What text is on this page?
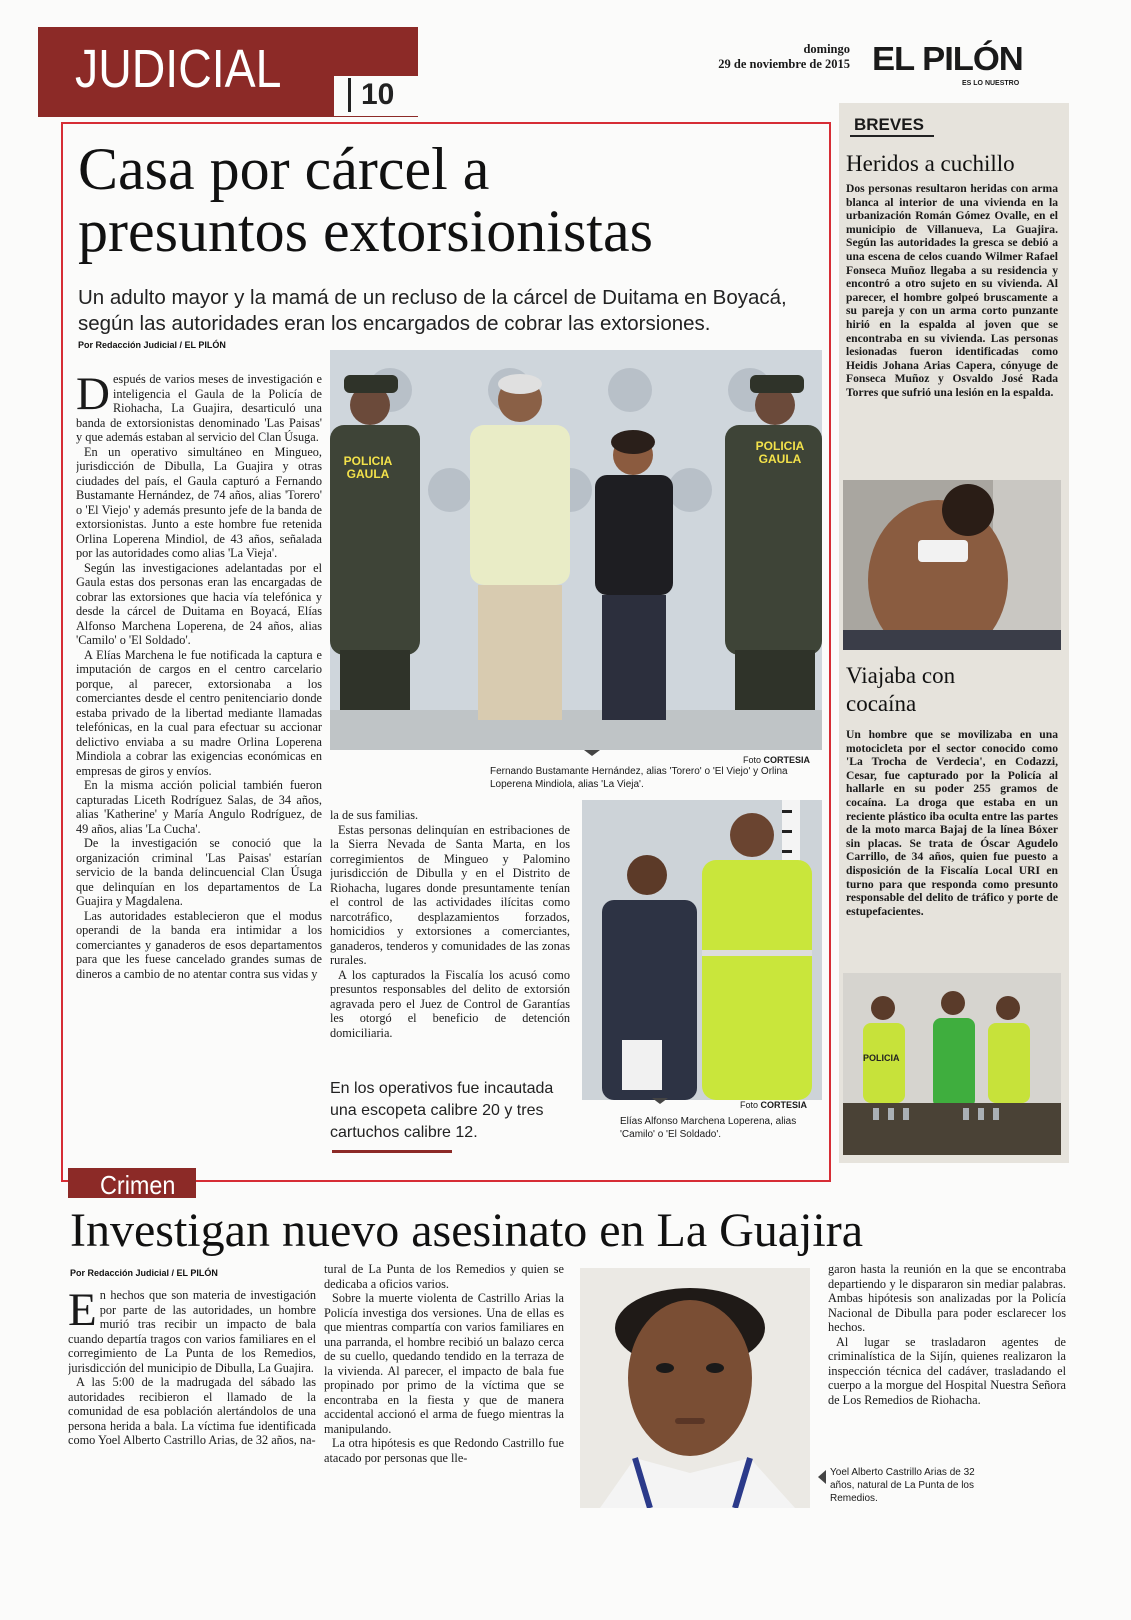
JUDICIAL	10
domingo
29 de noviembre de 2015 EL PILÓN
ES LO NUESTRO
Casa por cárcel a
presuntos extorsionistas
Un adulto mayor y la mamá de un recluso de la cárcel de Duitama en Boyacá, según las autoridades eran los encargados de cobrar las extorsiones.
Por Redacción Judicial / EL PILÓN
D espués de varios meses de investigación e inteligencia el Gaula de la Policía de Riohacha, La Guajira, desarticuló una banda de extorsionistas denominado 'Las Paisas' y que además estaban al servicio del Clan Úsuga.

En un operativo simultáneo en Mingueo, jurisdicción de Dibulla, La Guajira y otras ciudades del país, el Gaula capturó a Fernando Bustamante Hernández, de 74 años, alias 'Torero' o 'El Viejo' y además presunto jefe de la banda de extorsionistas. Junto a este hombre fue retenida Orlina Loperena Mindiol, de 43 años, señalada por las autoridades como alias 'La Vieja'.

Según las investigaciones adelantadas por el Gaula estas dos personas eran las encargadas de cobrar las extorsiones que hacia vía telefónica y desde la cárcel de Duitama en Boyacá, Elías Alfonso Marchena Loperena, de 24 años, alias 'Camilo' o 'El Soldado'.

A Elías Marchena le fue notificada la captura e imputación de cargos en el centro carcelario porque, al parecer, extorsionaba a los comerciantes desde el centro penitenciario donde estaba privado de la libertad mediante llamadas telefónicas, en la cual para efectuar su accionar delictivo enviaba a su madre Orlina Loperena Mindiola a cobrar las exigencias económicas en empresas de giros y envíos.

En la misma acción policial también fueron capturadas Liceth Rodríguez Salas, de 34 años, alias 'Katherine' y María Angulo Rodríguez, de 49 años, alias 'La Cucha'.

De la investigación se conoció que la organización criminal 'Las Paisas' estarían servicio de la banda delincuencial Clan Úsuga que delinquían en los departamentos de La Guajira y Magdalena.

Las autoridades establecieron que el modus operandi de la banda era intimidar a los comerciantes y ganaderos de esos departamentos para que les fuese cancelado grandes sumas de dineros a cambio de no atentar contra sus vidas y

POLICIA GAULA
POLICIA GAULA
Foto CORTESIA
Fernando Bustamante Hernández, alias 'Torero' o 'El Viejo' y Orlina Loperena Mindiola, alias 'La Vieja'.

la de sus familias.

Estas personas delinquían en estribaciones de la Sierra Nevada de Santa Marta, en los corregimientos de Mingueo y Palomino jurisdicción de Dibulla y en el Distrito de Riohacha, lugares donde presuntamente tenían el control de las actividades ilícitas como narcotráfico, desplazamientos forzados, homicidios y extorsiones a comerciantes, ganaderos, tenderos y comunidades de las zonas rurales.

A los capturados la Fiscalía los acusó como presuntos responsables del delito de extorsión agravada pero el Juez de Control de Garantías les otorgó el beneficio de detención domiciliaria.

En los operativos fue incautada una escopeta calibre 20 y tres cartuchos calibre 12.
Foto CORTESIA
Elías Alfonso Marchena Loperena, alias 'Camilo' o 'El Soldado'.
BREVES
Heridos a cuchillo
Dos personas resultaron heridas con arma blanca al interior de una vivienda en la urbanización Román Gómez Ovalle, en el municipio de Villanueva, La Guajira. Según las autoridades la gresca se debió a una escena de celos cuando Wilmer Rafael Fonseca Muñoz llegaba a su residencia y encontró a otro sujeto en su vivienda. Al parecer, el hombre golpeó bruscamente a su pareja y con un arma corto punzante hirió en la espalda al joven que se encontraba en su vivienda. Las personas lesionadas fueron identificadas como Heidis Johana Arias Capera, cónyuge de Fonseca Muñoz y Osvaldo José Rada Torres que sufrió una lesión en la espalda.
Viajaba con
cocaína
Un hombre que se movilizaba en una motocicleta por el sector conocido como 'La Trocha de Verdecia', en Codazzi, Cesar, fue capturado por la Policía al hallarle en su poder 255 gramos de cocaína. La droga que estaba en un reciente plástico iba oculta entre las partes de la moto marca Bajaj de la línea Bóxer sin placas. Se trata de Óscar Agudelo Carrillo, de 34 años, quien fue puesto a disposición de la Fiscalía Local URI en turno para que responda como presunto responsable del delito de tráfico y porte de estupefacientes.
POLICIA
Crimen
Investigan nuevo asesinato en La Guajira
Por Redacción Judicial / EL PILÓN
E n hechos que son materia de investigación por parte de las autoridades, un hombre murió tras recibir un impacto de bala cuando departía tragos con varios familiares en el corregimiento de La Punta de los Remedios, jurisdicción del municipio de Dibulla, La Guajira.

A las 5:00 de la madrugada del sábado las autoridades recibieron el llamado de la comunidad de esa población alertándolos de una persona herida a bala. La víctima fue identificada como Yoel Alberto Castrillo Arias, de 32 años, na-

tural de La Punta de los Remedios y quien se dedicaba a oficios varios.

Sobre la muerte violenta de Castrillo Arias la Policía investiga dos versiones. Una de ellas es que mientras compartía con varios familiares en una parranda, el hombre recibió un balazo cerca de su cuello, quedando tendido en la terraza de la vivienda. Al parecer, el impacto de bala fue propinado por primo de la víctima que se encontraba en la fiesta y que de manera accidental accionó el arma de fuego mientras la manipulando.

La otra hipótesis es que Redondo Castrillo fue atacado por personas que lle-

garon hasta la reunión en la que se encontraba departiendo y le dispararon sin mediar palabras. Ambas hipótesis son analizadas por la Policía Nacional de Dibulla para poder esclarecer los hechos.

Al lugar se trasladaron agentes de criminalística de la Sijín, quienes realizaron la inspección técnica del cadáver, trasladando el cuerpo a la morgue del Hospital Nuestra Señora de Los Remedios de Riohacha.

Yoel Alberto Castrillo Arias de 32 años, natural de La Punta de los Remedios.
